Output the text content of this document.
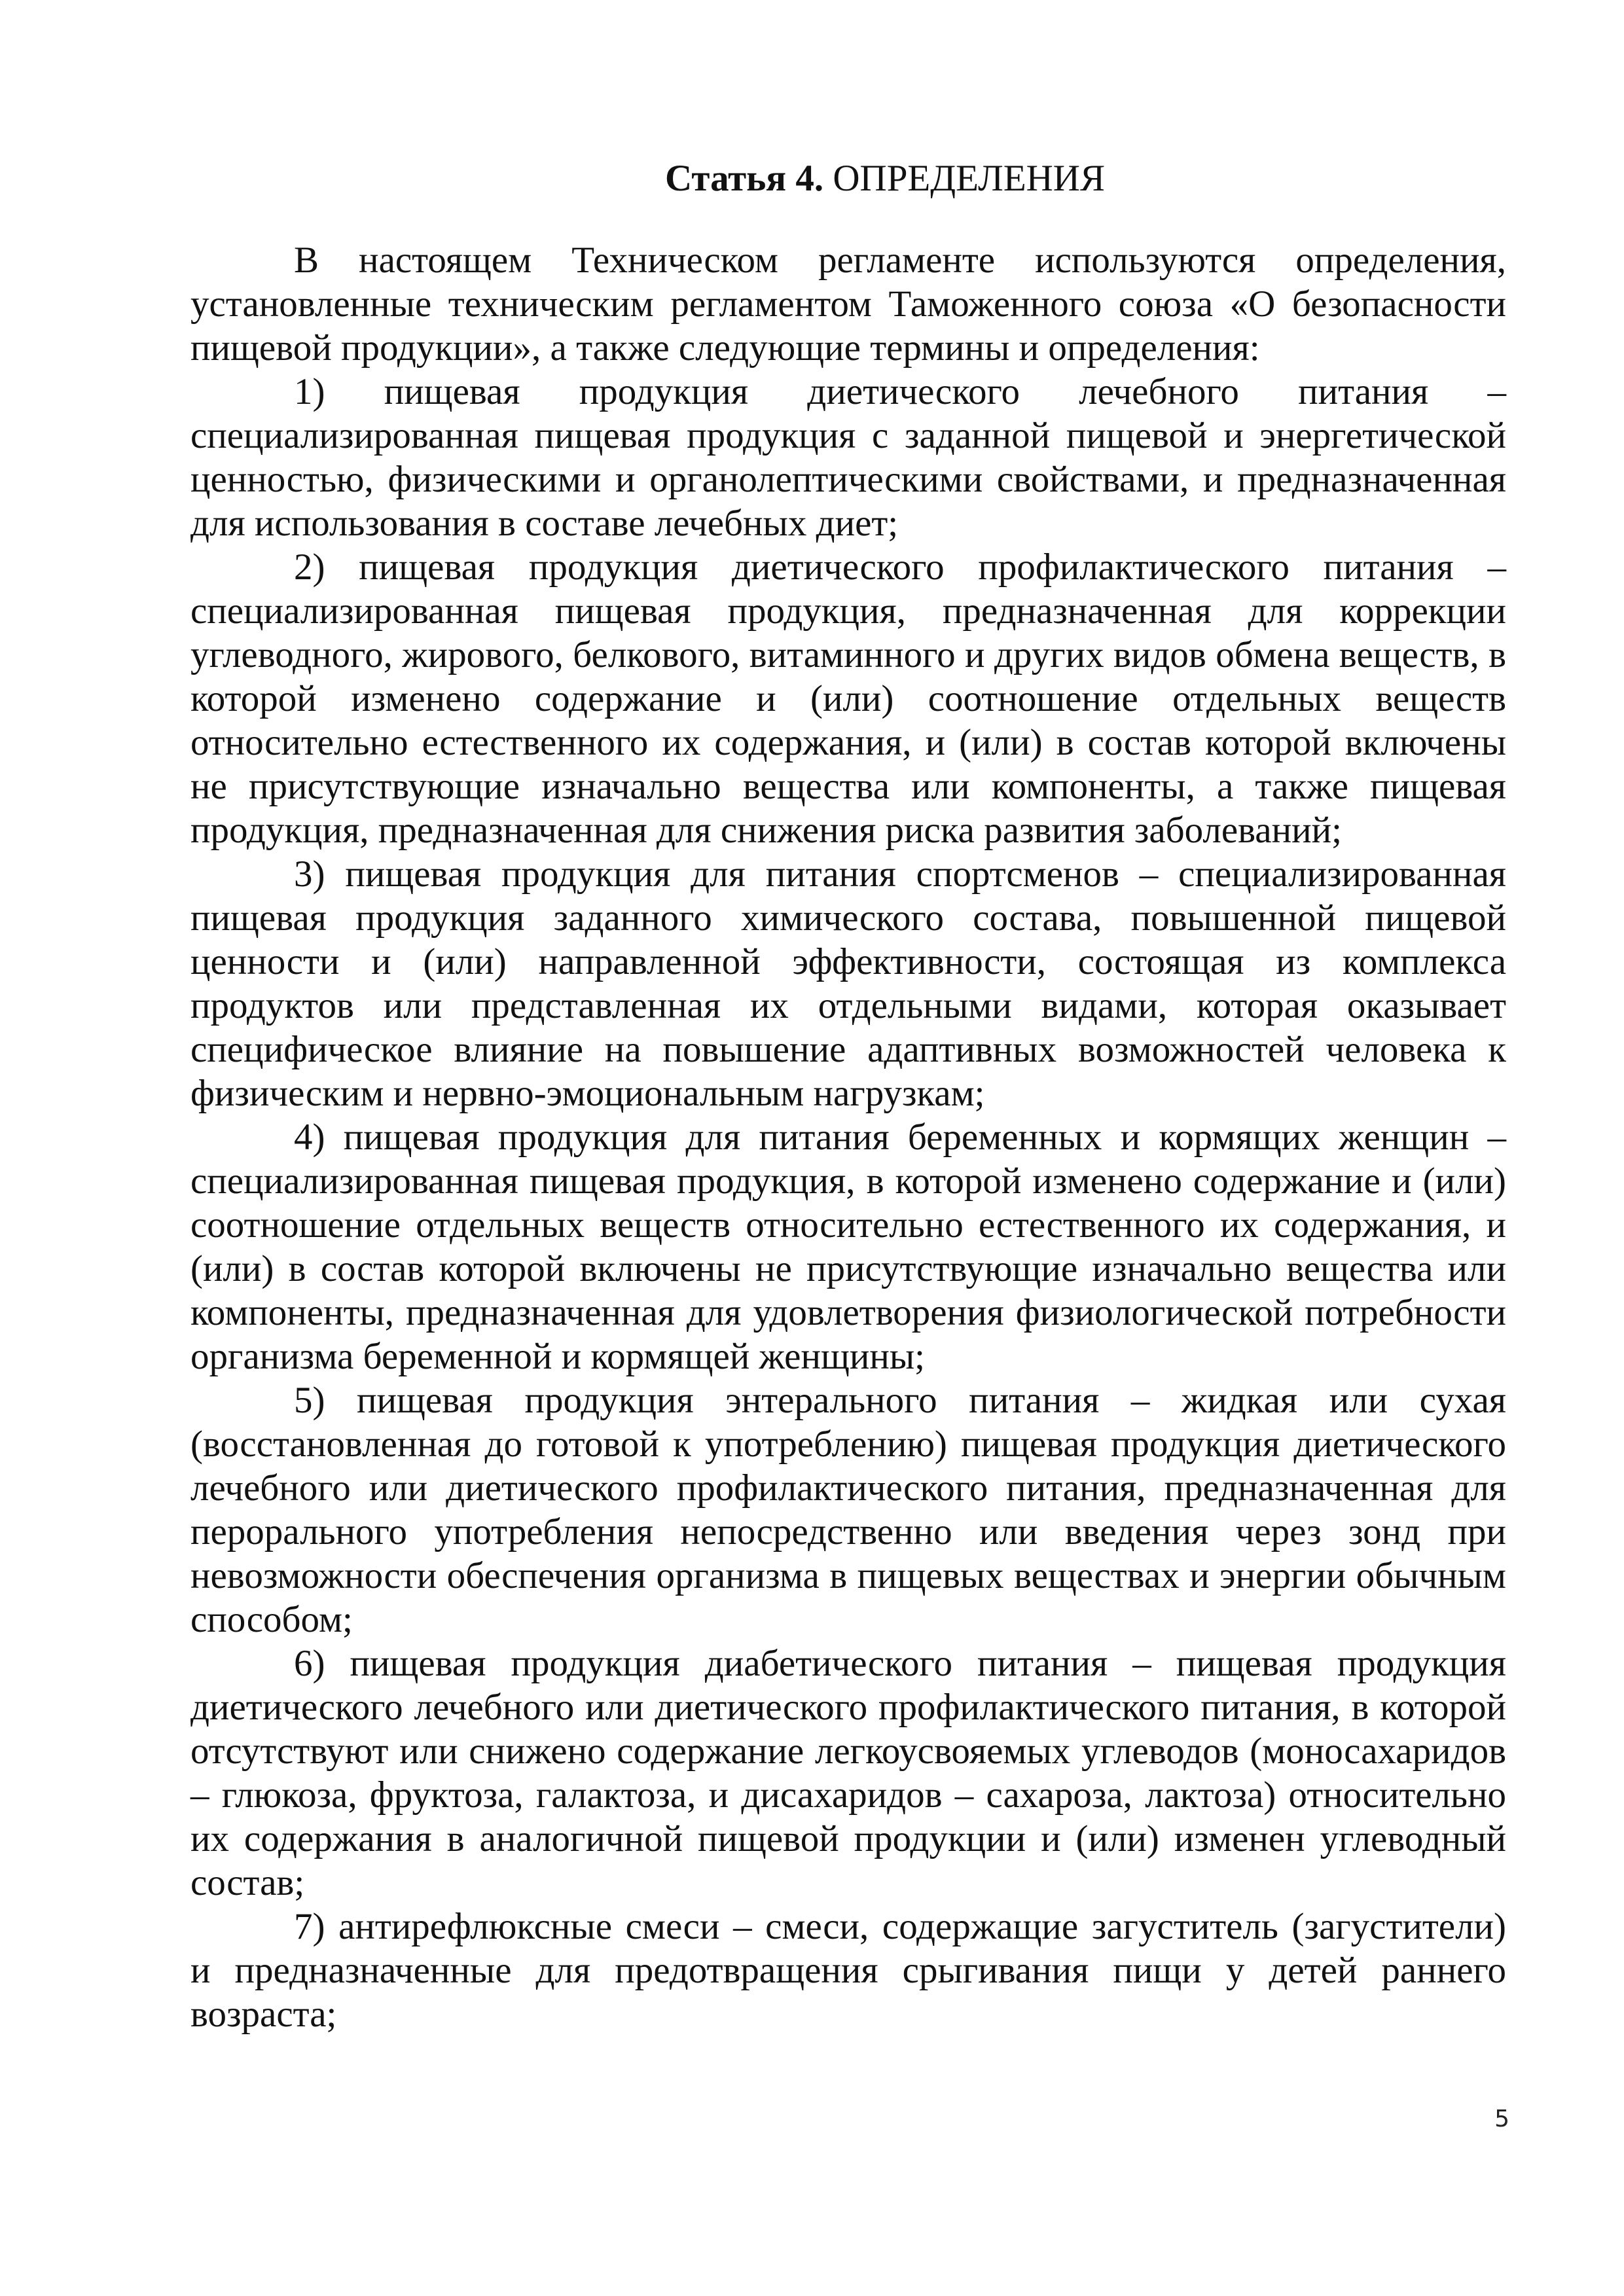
Статья 4. ОПРЕДЕЛЕНИЯ

В настоящем Техническом регламенте используются определения, установленные техническим регламентом Таможенного союза «О безопасности пищевой продукции», а также следующие термины и определения:

1) пищевая продукция диетического лечебного питания – специализированная пищевая продукция с заданной пищевой и энергетической ценностью, физическими и органолептическими свойствами, и предназначенная для использования в составе лечебных диет;

2) пищевая продукция диетического профилактического питания – специализированная пищевая продукция, предназначенная для коррекции углеводного, жирового, белкового, витаминного и других видов обмена веществ, в которой изменено содержание и (или) соотношение отдельных веществ относительно естественного их содержания, и (или) в состав которой включены не присутствующие изначально вещества или компоненты, а также пищевая продукция, предназначенная для снижения риска развития заболеваний;

3) пищевая продукция для питания спортсменов – специализированная пищевая продукция заданного химического состава, повышенной пищевой ценности и (или) направленной эффективности, состоящая из комплекса продуктов или представленная их отдельными видами, которая оказывает специфическое влияние на повышение адаптивных возможностей человека к физическим и нервно-эмоциональным нагрузкам;

4) пищевая продукция для питания беременных и кормящих женщин – специализированная пищевая продукция, в которой изменено содержание и (или) соотношение отдельных веществ относительно естественного их содержания, и (или) в состав которой включены не присутствующие изначально вещества или компоненты, предназначенная для удовлетворения физиологической потребности организма беременной и кормящей женщины;

5) пищевая продукция энтерального питания – жидкая или сухая (восстановленная до готовой к употреблению) пищевая продукция диетического лечебного или диетического профилактического питания, предназначенная для перорального употребления непосредственно или введения через зонд при невозможности обеспечения организма в пищевых веществах и энергии обычным способом;

6) пищевая продукция диабетического питания – пищевая продукция диетического лечебного или диетического профилактического питания, в которой отсутствуют или снижено содержание легкоусвояемых углеводов (моносахаридов – глюкоза, фруктоза, галактоза, и дисахаридов – сахароза, лактоза) относительно их содержания в аналогичной пищевой продукции и (или) изменен углеводный состав;

7) антирефлюксные смеси – смеси, содержащие загуститель (загустители) и предназначенные для предотвращения срыгивания пищи у детей раннего возраста;

5
